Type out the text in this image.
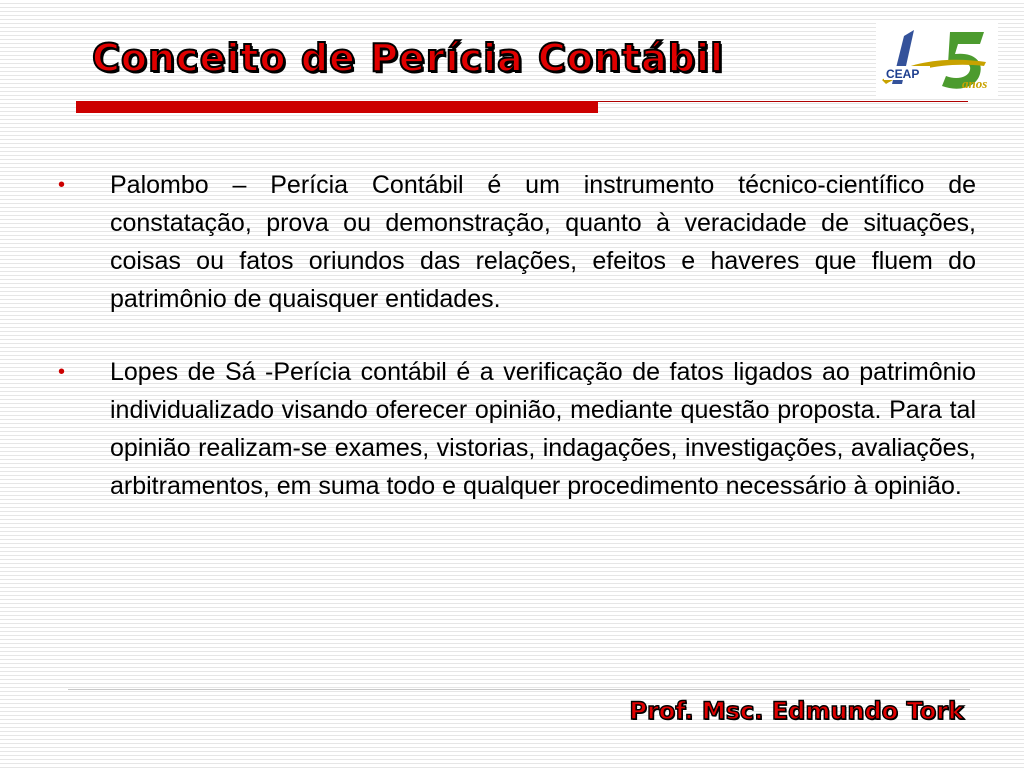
Conceito de Perícia Contábil	CEAP
anos
•	Palombo – Perícia Contábil é um instrumento técnico-científico de constatação, prova ou demonstração, quanto à veracidade de situações, coisas ou fatos oriundos das relações, efeitos e haveres que fluem do patrimônio de quaisquer entidades.
•	Lopes de Sá -Perícia contábil é a verificação de fatos ligados ao patrimônio individualizado visando oferecer opinião, mediante questão proposta. Para tal opinião realizam-se exames, vistorias, indagações, investigações, avaliações, arbitramentos, em suma todo e qualquer procedimento necessário à opinião.
Prof. Msc. Edmundo Tork
